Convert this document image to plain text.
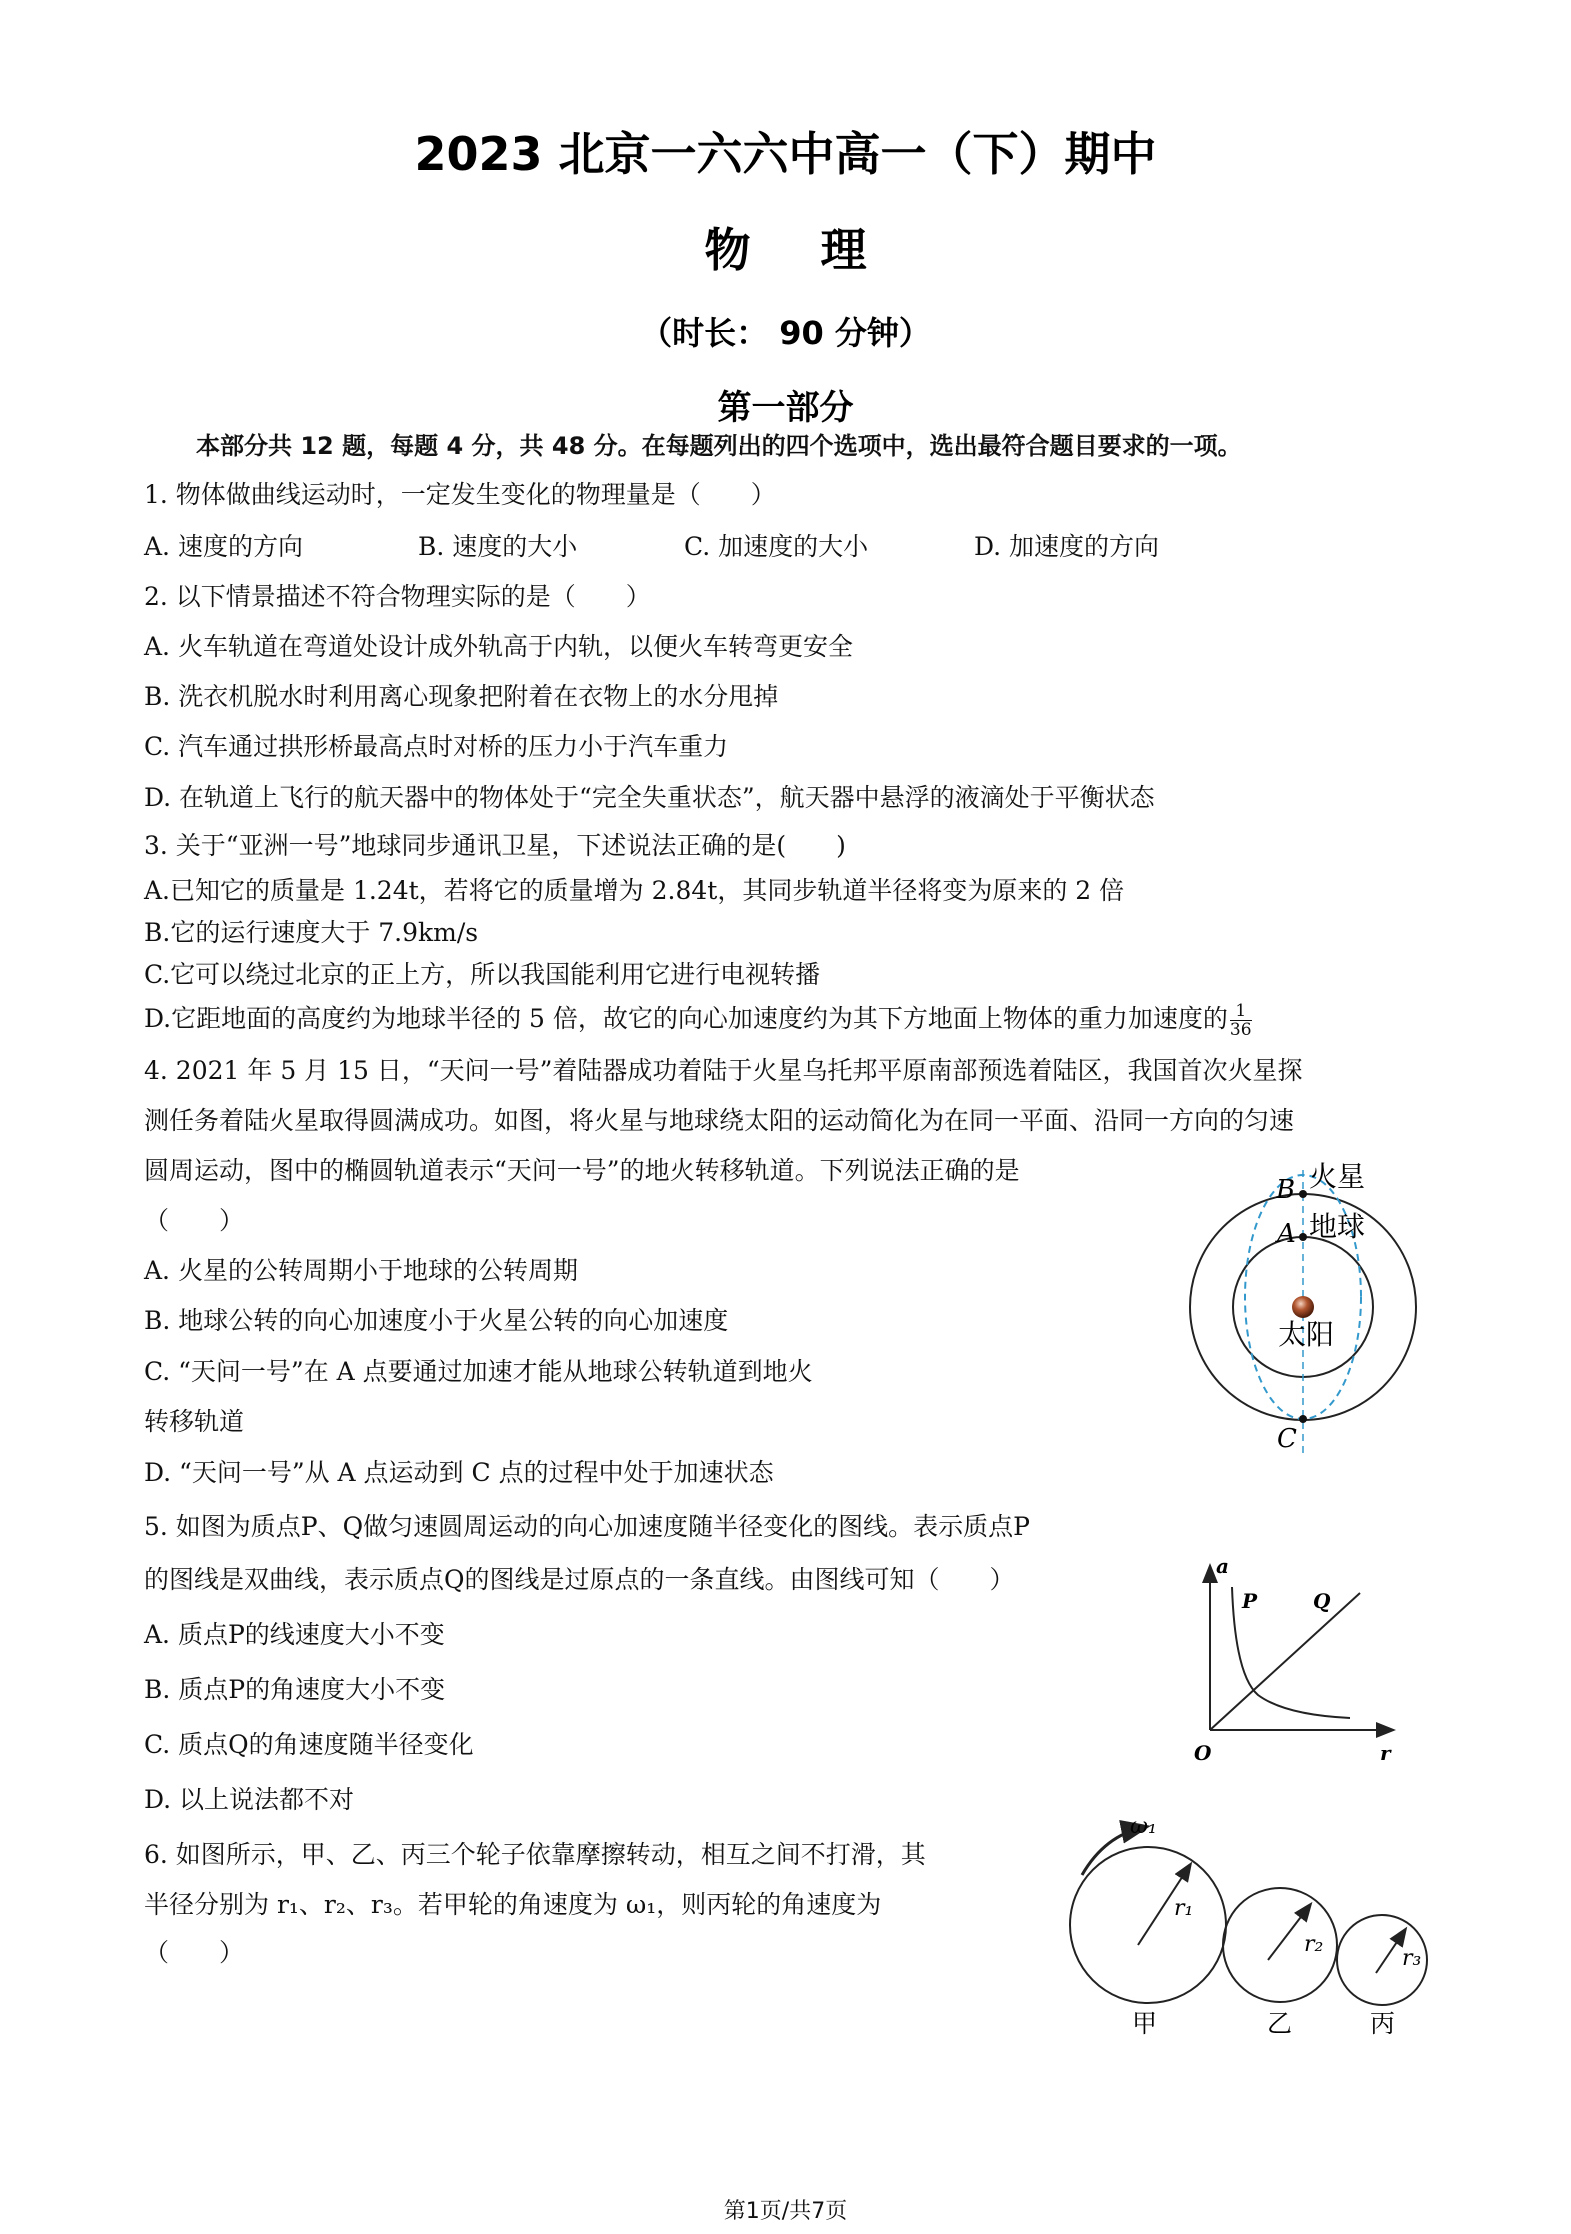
2023 北京一六六中高一（下）期中
物理
（时长： 90 分钟）
第一部分
本部分共 12 题，每题 4 分，共 48 分。在每题列出的四个选项中，选出最符合题目要求的一项。
1. 物体做曲线运动时，一定发生变化的物理量是（　　）
A. 速度的方向	B. 速度的大小	C. 加速度的大小	D. 加速度的方向
2. 以下情景描述不符合物理实际的是（　　）
A. 火车轨道在弯道处设计成外轨高于内轨，以便火车转弯更安全
B. 洗衣机脱水时利用离心现象把附着在衣物上的水分甩掉
C. 汽车通过拱形桥最高点时对桥的压力小于汽车重力
D. 在轨道上飞行的航天器中的物体处于“完全失重状态”，航天器中悬浮的液滴处于平衡状态
3. 关于“亚洲一号”地球同步通讯卫星，下述说法正确的是(　　)
A.已知它的质量是 1.24t，若将它的质量增为 2.84t，其同步轨道半径将变为原来的 2 倍
B.它的运行速度大于 7.9km/s
C.它可以绕过北京的正上方，所以我国能利用它进行电视转播
D.它距地面的高度约为地球半径的 5 倍，故它的向心加速度约为其下方地面上物体的重力加速度的 $\frac{1}{36}$
4. 2021 年 5 月 15 日，“天问一号”着陆器成功着陆于火星乌托邦平原南部预选着陆区，我国首次火星探
测任务着陆火星取得圆满成功。如图，将火星与地球绕太阳的运动简化为在同一平面、沿同一方向的匀速
圆周运动，图中的椭圆轨道表示“天问一号”的地火转移轨道。下列说法正确的是
（　　）
A. 火星的公转周期小于地球的公转周期
B. 地球公转的向心加速度小于火星公转的向心加速度
C. “天问一号”在 A 点要通过加速才能从地球公转轨道到地火
转移轨道
D. “天问一号”从 A 点运动到 C 点的过程中处于加速状态
B 火星
A 地球
太阳
C
5. 如图为质点P、Q做匀速圆周运动的向心加速度随半径变化的图线。表示质点P
的图线是双曲线，表示质点Q的图线是过原点的一条直线。由图线可知（　　）
A. 质点P的线速度大小不变
B. 质点P的角速度大小不变
C. 质点Q的角速度随半径变化
D. 以上说法都不对
a
P	Q
O	r
6. 如图所示，甲、乙、丙三个轮子依靠摩擦转动，相互之间不打滑，其
半径分别为 r₁、r₂、r₃。若甲轮的角速度为 ω₁，则丙轮的角速度为
（　　）
ω₁
r₁
r₂
r₃
甲	乙	丙
第1页/共7页
